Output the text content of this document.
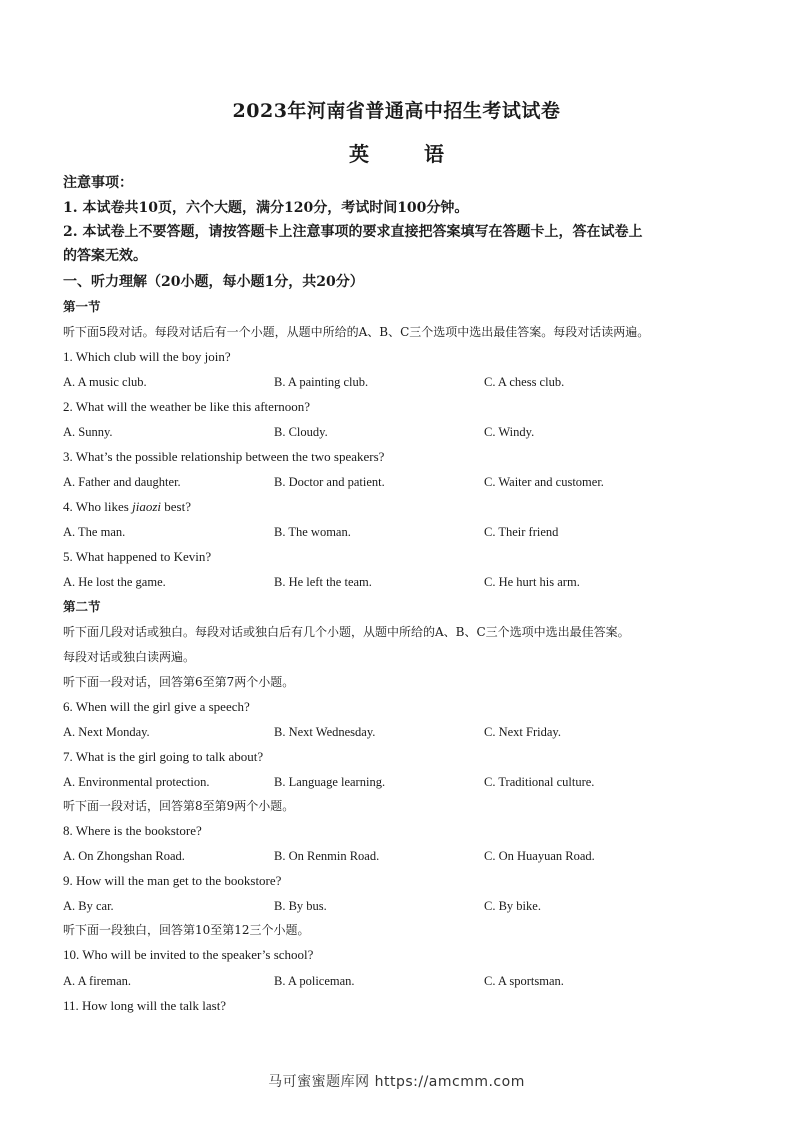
2023年河南省普通高中招生考试试卷
英 语
注意事项：
1. 本试卷共10页，六个大题，满分120分，考试时间100分钟。
2. 本试卷上不要答题，请按答题卡上注意事项的要求直接把答案填写在答题卡上，答在试卷上
的答案无效。
一、听力理解（20小题，每小题1分，共20分）
第一节
听下面5段对话。每段对话后有一个小题，从题中所给的A、B、C三个选项中选出最佳答案。每段对话读两遍。
1. Which club will the boy join?
A. A music club.	B. A painting club.	C. A chess club.
2. What will the weather be like this afternoon?
A. Sunny.	B. Cloudy.	C. Windy.
3. What’s the possible relationship between the two speakers?
A. Father and daughter.	B. Doctor and patient.	C. Waiter and customer.
4. Who likes jiaozi best?
A. The man.	B. The woman.	C. Their friend
5. What happened to Kevin?
A. He lost the game.	B. He left the team.	C. He hurt his arm.
第二节
听下面几段对话或独白。每段对话或独白后有几个小题，从题中所给的A、B、C三个选项中选出最佳答案。
每段对话或独白读两遍。
听下面一段对话，回答第6至第7两个小题。
6. When will the girl give a speech?
A. Next Monday.	B. Next Wednesday.	C. Next Friday.
7. What is the girl going to talk about?
A. Environmental protection.	B. Language learning.	C. Traditional culture.
听下面一段对话，回答第8至第9两个小题。
8. Where is the bookstore?
A. On Zhongshan Road.	B. On Renmin Road.	C. On Huayuan Road.
9. How will the man get to the bookstore?
A. By car.	B. By bus.	C. By bike.
听下面一段独白，回答第10至第12三个小题。
10. Who will be invited to the speaker’s school?
A. A fireman.	B. A policeman.	C. A sportsman.
11. How long will the talk last?
马可蜜蜜题库网 https://amcmm.com
